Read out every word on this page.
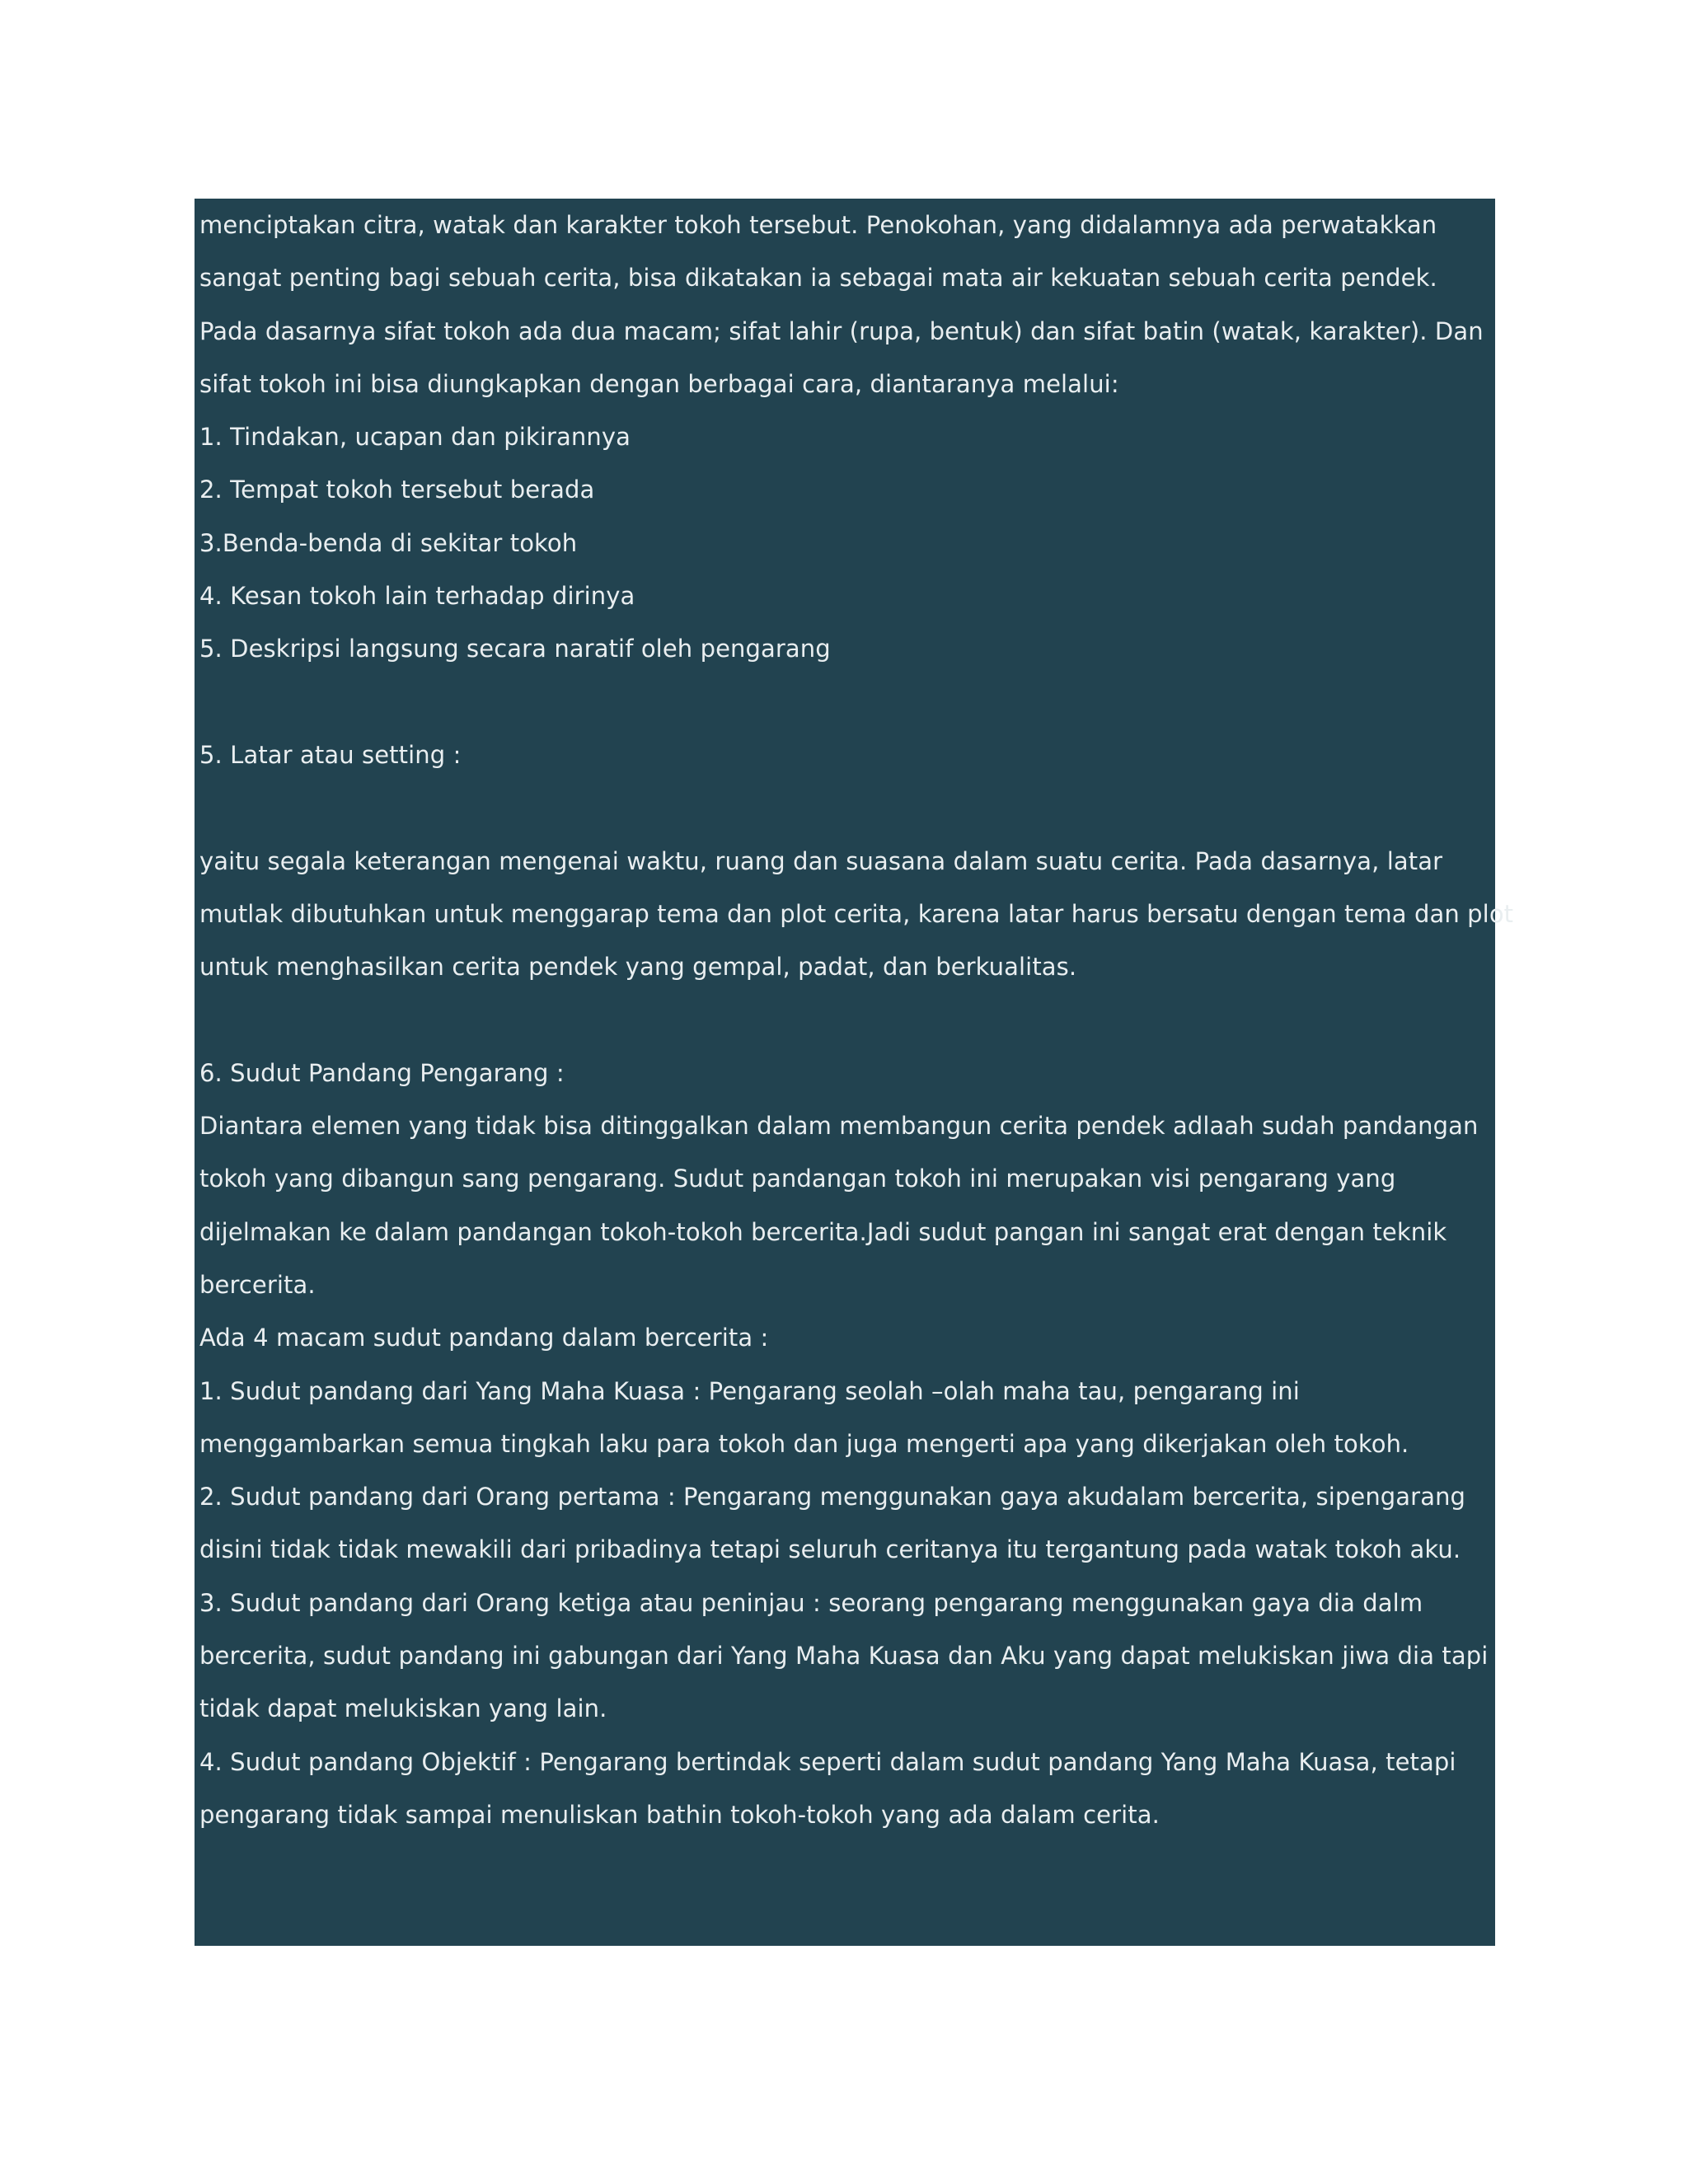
menciptakan citra, watak dan karakter tokoh tersebut. Penokohan, yang didalamnya ada perwatakkan
sangat penting bagi sebuah cerita, bisa dikatakan ia sebagai mata air kekuatan sebuah cerita pendek.
Pada dasarnya sifat tokoh ada dua macam; sifat lahir (rupa, bentuk) dan sifat batin (watak, karakter). Dan
sifat tokoh ini bisa diungkapkan dengan berbagai cara, diantaranya melalui:
1. Tindakan, ucapan dan pikirannya
2. Tempat tokoh tersebut berada
3.Benda-benda di sekitar tokoh
4. Kesan tokoh lain terhadap dirinya
5. Deskripsi langsung secara naratif oleh pengarang
5. Latar atau setting :
yaitu segala keterangan mengenai waktu, ruang dan suasana dalam suatu cerita. Pada dasarnya, latar
mutlak dibutuhkan untuk menggarap tema dan plot cerita, karena latar harus bersatu dengan tema dan plot
untuk menghasilkan cerita pendek yang gempal, padat, dan berkualitas.
6. Sudut Pandang Pengarang :
Diantara elemen yang tidak bisa ditinggalkan dalam membangun cerita pendek adlaah sudah pandangan
tokoh yang dibangun sang pengarang. Sudut pandangan tokoh ini merupakan visi pengarang yang
dijelmakan ke dalam pandangan tokoh-tokoh bercerita.Jadi sudut pangan ini sangat erat dengan teknik
bercerita.
Ada 4 macam sudut pandang dalam bercerita :
1. Sudut pandang dari Yang Maha Kuasa : Pengarang seolah –olah maha tau, pengarang ini
menggambarkan semua tingkah laku para tokoh dan juga mengerti apa yang dikerjakan oleh tokoh.
2. Sudut pandang dari Orang pertama : Pengarang menggunakan gaya akudalam bercerita, sipengarang
disini tidak tidak mewakili dari pribadinya tetapi seluruh ceritanya itu tergantung pada watak tokoh aku.
3. Sudut pandang dari Orang ketiga atau peninjau : seorang pengarang menggunakan gaya dia dalm
bercerita, sudut pandang ini gabungan dari Yang Maha Kuasa dan Aku yang dapat melukiskan jiwa dia tapi
tidak dapat melukiskan yang lain.
4. Sudut pandang Objektif : Pengarang bertindak seperti dalam sudut pandang Yang Maha Kuasa, tetapi
pengarang tidak sampai menuliskan bathin tokoh-tokoh yang ada dalam cerita.
